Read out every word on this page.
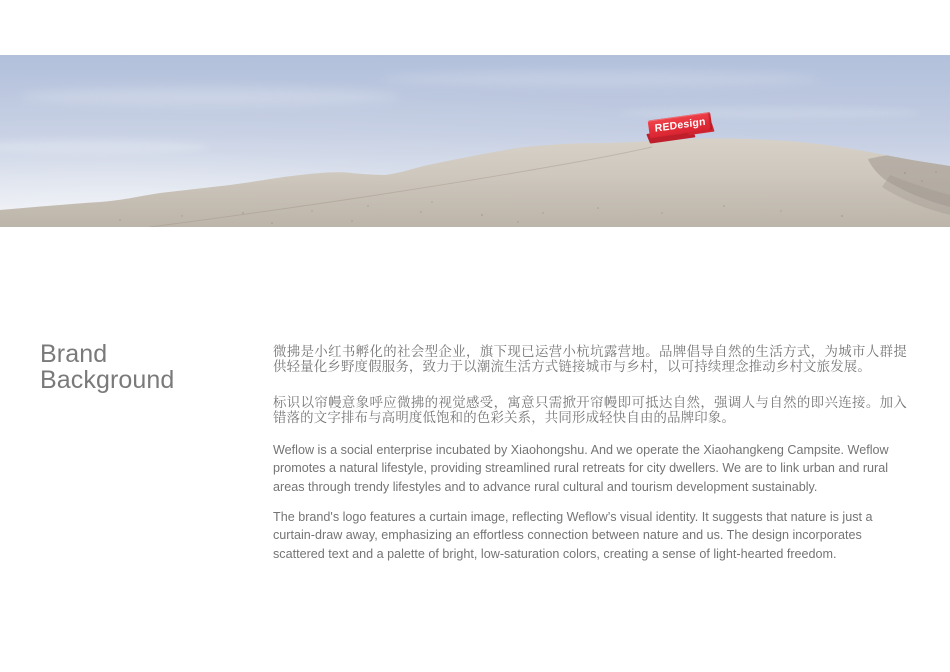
REDesign
Brand
Background

微拂是小红书孵化的社会型企业，旗下现已运营小杭坑露营地。品牌倡导自然的生活方式，为城市人群提供轻量化乡野度假服务，致力于以潮流生活方式链接城市与乡村，以可持续理念推动乡村文旅发展。

标识以帘幔意象呼应微拂的视觉感受，寓意只需掀开帘幔即可抵达自然，强调人与自然的即兴连接。加入错落的文字排布与高明度低饱和的色彩关系，共同形成轻快自由的品牌印象。

Weflow is a social enterprise incubated by Xiaohongshu. And we operate the Xiaohangkeng Campsite. Weflow promotes a natural lifestyle, providing streamlined rural retreats for city dwellers. We are to link urban and rural areas through trendy lifestyles and to advance rural cultural and tourism development sustainably.

The brand's logo features a curtain image, reflecting Weflow’s visual identity. It suggests that nature is just a curtain-draw away, emphasizing an effortless connection between nature and us. The design incorporates scattered text and a palette of bright, low-saturation colors, creating a sense of light-hearted freedom.
